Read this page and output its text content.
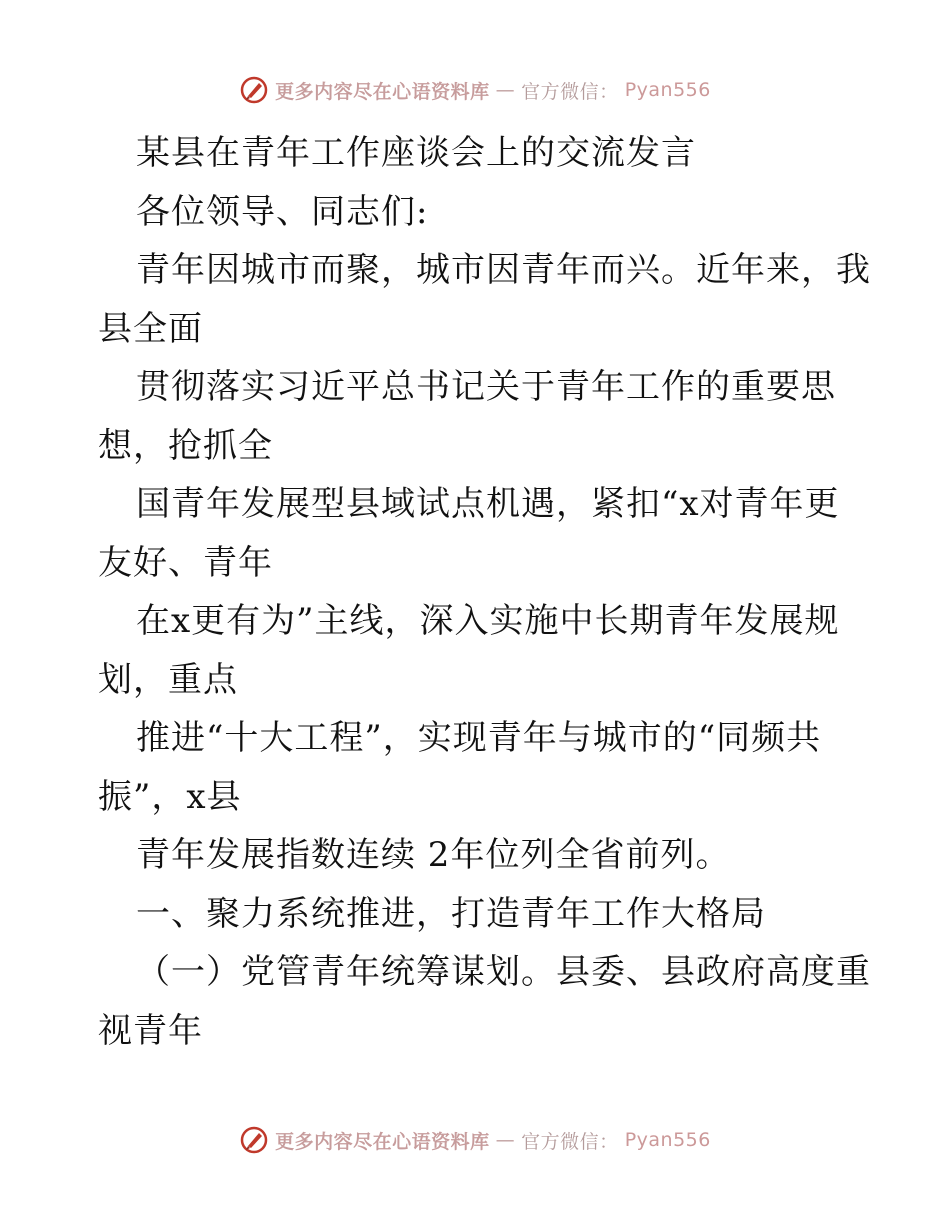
更多内容尽在心语资料库 — 官方微信： Pyan556
某县在青年工作座谈会上的交流发言
各位领导、同志们:
青年因城市而聚，城市因青年而兴。近年来，我
县全面
贯彻落实习近平总书记关于青年工作的重要思
想，抢抓全
国青年发展型县域试点机遇，紧扣“x对青年更
友好、青年
在x更有为”主线，深入实施中长期青年发展规
划，重点
推进“十大工程”，实现青年与城市的“同频共
振”，x县
青年发展指数连续 2年位列全省前列。
一、聚力系统推进，打造青年工作大格局
（一）党管青年统筹谋划。县委、县政府高度重
视青年
更多内容尽在心语资料库 — 官方微信： Pyan556
